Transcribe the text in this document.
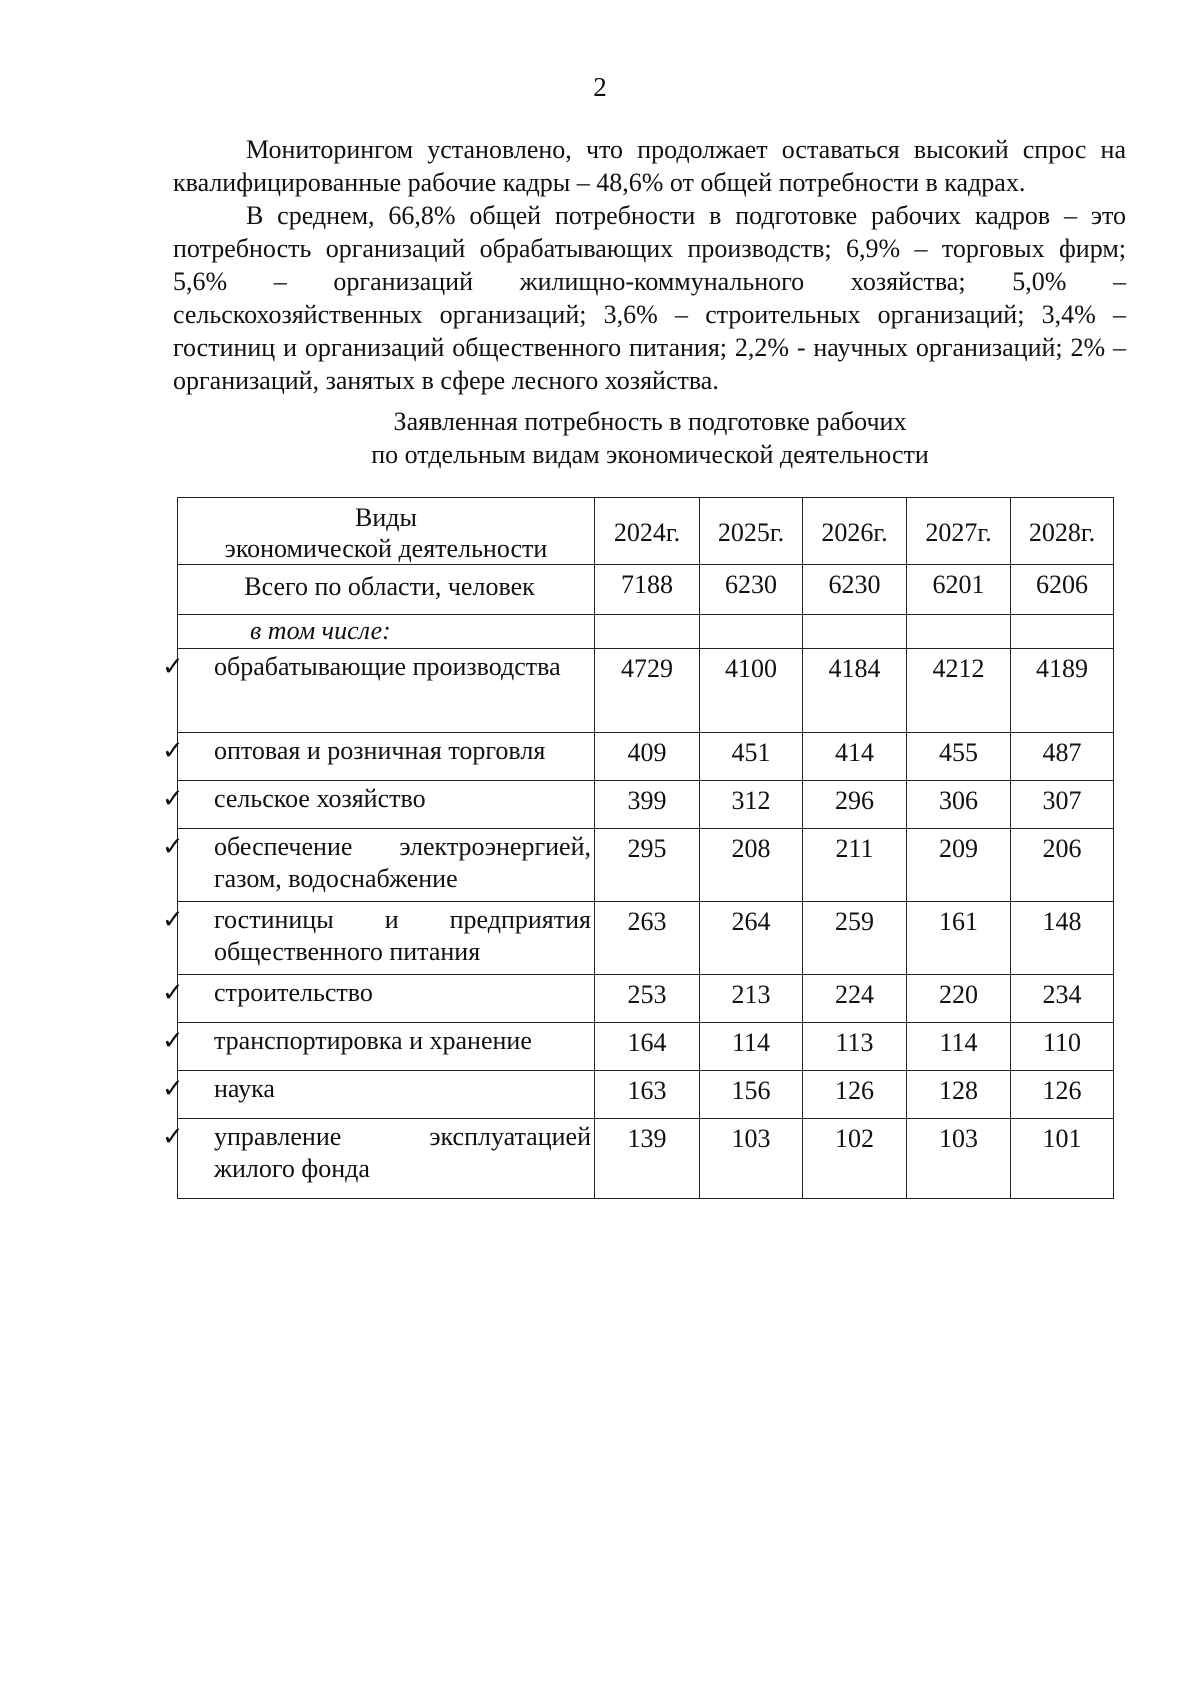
2

Мониторингом установлено, что продолжает оставаться высокий спрос на квалифицированные рабочие кадры – 48,6% от общей потребности в кадрах.

В среднем, 66,8% общей потребности в подготовке рабочих кадров – это потребность организаций обрабатывающих производств; 6,9% – торговых фирм; 5,6% – организаций жилищно-коммунального хозяйства; 5,0% – сельскохозяйственных организаций; 3,6% – строительных организаций; 3,4% – гостиниц и организаций общественного питания; 2,2% - научных организаций; 2% – организаций, занятых в сфере лесного хозяйства.

Заявленная потребность в подготовке рабочих
по отдельным видам экономической деятельности
Виды
экономической деятельности	2024г.	2025г.	2026г.	2027г.	2028г.

Всего по области, человек	7188	6230	6230	6201	6206
в том числе:					

✓ обрабатывающие производства	4729	4100	4184	4212	4189

✓ оптовая и розничная торговля	409	451	414	455	487

✓ сельское хозяйство	399	312	296	306	307

✓ обеспечение электроэнергией, газом, водоснабжение	295	208	211	209	206

✓ гостиницы и предприятия общественного питания	263	264	259	161	148

✓ строительство	253	213	224	220	234

✓ транспортировка и хранение	164	114	113	114	110

✓ наука	163	156	126	128	126

✓ управление эксплуатацией жилого фонда	139	103	102	103	101
